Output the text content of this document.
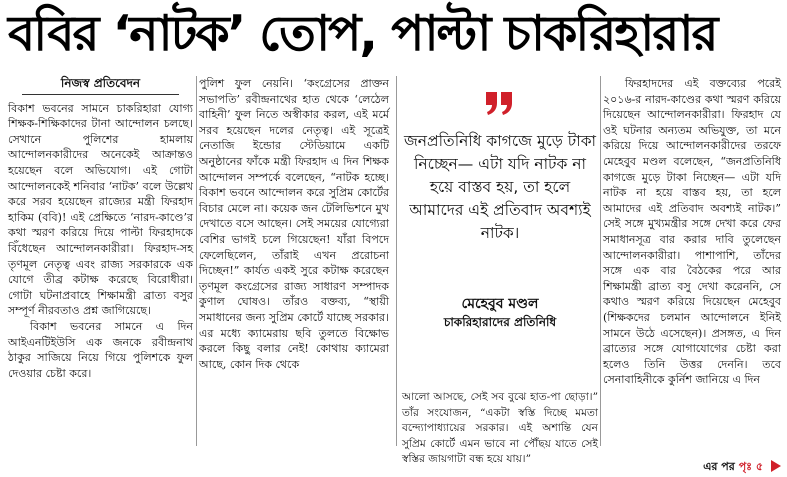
ববির ‘নাটক’ তোপ, পাল্টা চাকরিহারার
নিজস্ব প্রতিবেদন

বিকাশ ভবনের সামনে চাকরিহারা যোগ্য শিক্ষক-শিক্ষিকাদের টানা আন্দোলন চলছে। সেখানে পুলিশের হামলায় আন্দোলনকারীদের অনেকেই আক্রান্তও হয়েছেন বলে অভিযোগ। এই গোটা আন্দোলনকেই শনিবার ‘নাটক’ বলে উল্লেখ করে সরব হয়েছেন রাজ্যের মন্ত্রী ফিরহাদ হাকিম (ববি)! এই প্রেক্ষিতে ‘নারদ-কাণ্ডে’র কথা স্মরণ করিয়ে দিয়ে পাল্টা ফিরহাদকে বিঁধেছেন আন্দোলনকারীরা। ফিরহাদ-সহ তৃণমূল নেতৃত্ব এবং রাজ্য সরকারকে এক যোগে তীব্র কটাক্ষ করেছে বিরোধীরা। গোটা ঘটনাপ্রবাহে শিক্ষামন্ত্রী ব্রাত্য বসুর সম্পূর্ণ নীরবতাও প্রশ্ন জাগিয়েছে।

বিকাশ ভবনের সামনে এ দিন আইএনটিইউসি এক জনকে রবীন্দ্রনাথ ঠাকুর সাজিয়ে নিয়ে গিয়ে পুলিশকে ফুল দেওয়ার চেষ্টা করে।

পুলিশ ফুল নেয়নি। ‘কংগ্রেসের প্রাক্তন সভাপতি’ রবীন্দ্রনাথের হাত থেকে ‘লেঠেল বাহিনী’ ফুল নিতে অস্বীকার করল, এই মর্মে সরব হয়েছেন দলের নেতৃত্ব। এই সূত্রেই নেতাজি ইন্ডোর স্টেডিয়ামে একটি অনুষ্ঠানের ফাঁকে মন্ত্রী ফিরহাদ এ দিন শিক্ষক আন্দোলন সম্পর্কে বলেছেন, “নাটক হচ্ছে। বিকাশ ভবনে আন্দোলন করে সুপ্রিম কোর্টের বিচার মেলে না। কয়েক জন টেলিভিশনে মুখ দেখাতে বসে আছেন। সেই সময়ের যোগ্যেরা বেশির ভাগই চলে গিয়েছেন! যাঁরা বিপদে ফেলেছিলেন, তাঁরাই এখন প্ররোচনা দিচ্ছেন!” কার্যত একই সুরে কটাক্ষ করেছেন তৃণমূল কংগ্রেসের রাজ্য সাধারণ সম্পাদক কুণাল ঘোষও। তাঁরও বক্তব্য, “স্থায়ী সমাধানের জন্য সুপ্রিম কোর্টে যাচ্ছে সরকার। এর মধ্যে ক্যামেরায় ছবি তুলতে বিক্ষোভ করলে কিছু বলার নেই! কোথায় ক্যামেরা আছে, কোন দিক থেকে

জনপ্রতিনিধি কাগজে মুড়ে টাকা নিচ্ছেন— এটা যদি নাটক না হয়ে বাস্তব হয়, তা হলে আমাদের এই প্রতিবাদ অবশ্যই নাটক।
মেহেবুব মণ্ডল
চাকরিহারাদের প্রতিনিধি

আলো আসছে, সেই সব বুঝে হাত-পা ছোড়া।” তাঁর সংযোজন, “একটা স্বস্তি দিচ্ছে মমতা বন্দ্যোপাধ্যায়ের সরকার। এই অশান্তি যেন সুপ্রিম কোর্টে এমন ভাবে না পৌঁছয় যাতে সেই স্বস্তির জায়গাটা বন্ধ হয়ে যায়।”

ফিরহাদদের এই বক্তব্যের পরেই ২০১৬-র নারদ-কাণ্ডের কথা স্মরণ করিয়ে দিয়েছেন আন্দোলনকারীরা। ফিরহাদ যে ওই ঘটনার অন্যতম অভিযুক্ত, তা মনে করিয়ে দিয়ে আন্দোলনকারীদের তরফে মেহেবুব মণ্ডল বলেছেন, “জনপ্রতিনিধি কাগজে মুড়ে টাকা নিচ্ছেন— এটা যদি নাটক না হয়ে বাস্তব হয়, তা হলে আমাদের এই প্রতিবাদ অবশ্যই নাটক।” সেই সঙ্গে মুখ্যমন্ত্রীর সঙ্গে দেখা করে ফের সমাধানসূত্র বার করার দাবি তুলেছেন আন্দোলনকারীরা। পাশাপাশি, তাঁদের সঙ্গে এক বার বৈঠকের পরে আর শিক্ষামন্ত্রী ব্রাত্য বসু দেখা করেননি, সে কথাও স্মরণ করিয়ে দিয়েছেন মেহেবুব (শিক্ষকদের চলমান আন্দোলনে ইনিই সামনে উঠে এসেছেন)। প্রসঙ্গত, এ দিন ব্রাত্যের সঙ্গে যোগাযোগের চেষ্টা করা হলেও তিনি উত্তর দেননি। তবে সেনাবাহিনীকে কুর্নিশ জানিয়ে এ দিন

এর পর পৃঃ ৫
